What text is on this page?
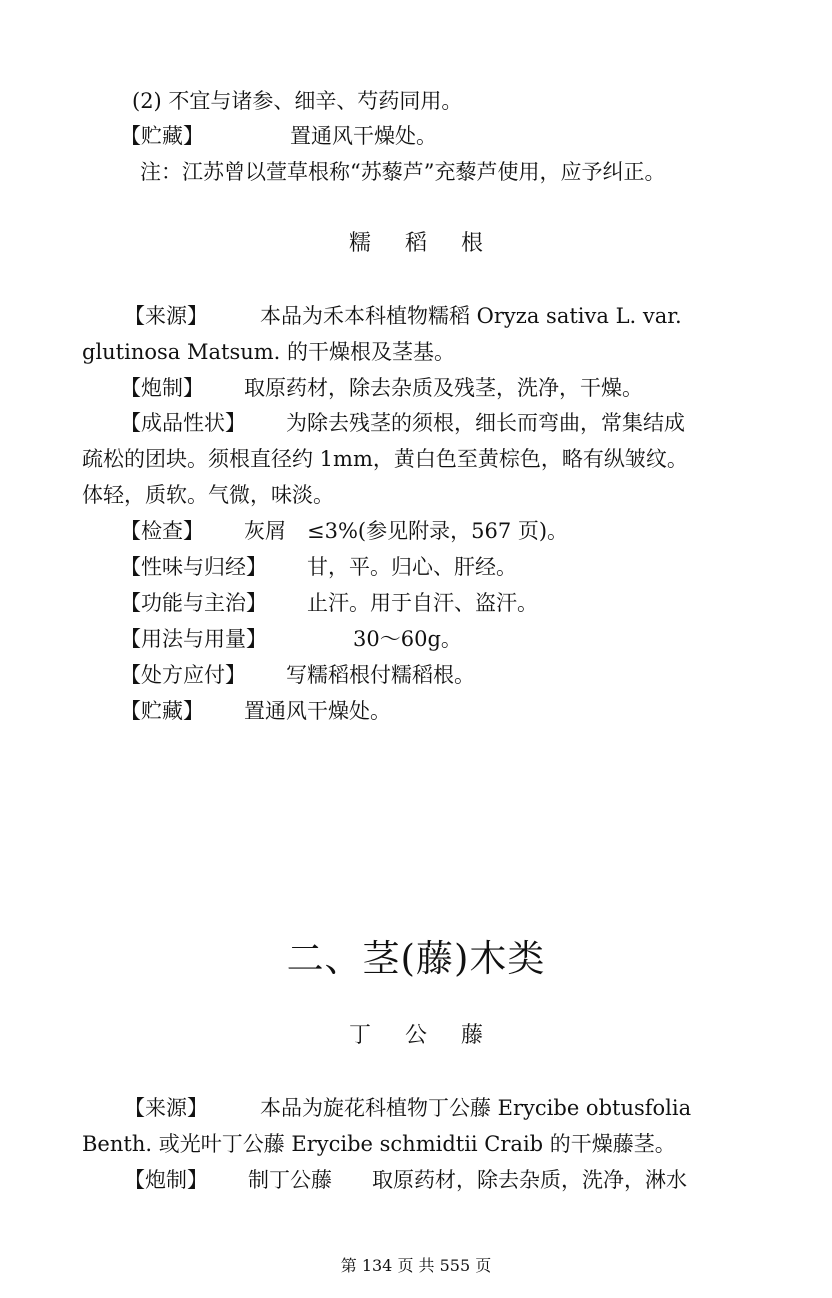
(2) 不宜与诸参、细辛、芍药同用。
【贮藏】	置通风干燥处。
注：江苏曾以萱草根称“苏藜芦”充藜芦使用，应予纠正。
糯稻根
【来源】 本品为禾本科植物糯稻 Oryza sativa L. var.
glutinosa Matsum. 的干燥根及茎基。
【炮制】 取原药材，除去杂质及残茎，洗净，干燥。
【成品性状】 为除去残茎的须根，细长而弯曲，常集结成
疏松的团块。须根直径约 1mm，黄白色至黄棕色，略有纵皱纹。
体轻，质软。气微，味淡。
【检查】 灰屑　≤3%(参见附录，567 页)。
【性味与归经】 甘，平。归心、肝经。
【功能与主治】 止汗。用于自汗、盗汗。
【用法与用量】	30～60g。
【处方应付】 写糯稻根付糯稻根。
【贮藏】 置通风干燥处。
二、茎(藤)木类
丁公藤
【来源】 本品为旋花科植物丁公藤 Erycibe obtusfolia
Benth. 或光叶丁公藤 Erycibe schmidtii Craib 的干燥藤茎。
【炮制】 制丁公藤 取原药材，除去杂质，洗净，淋水
第 134 页 共 555 页
